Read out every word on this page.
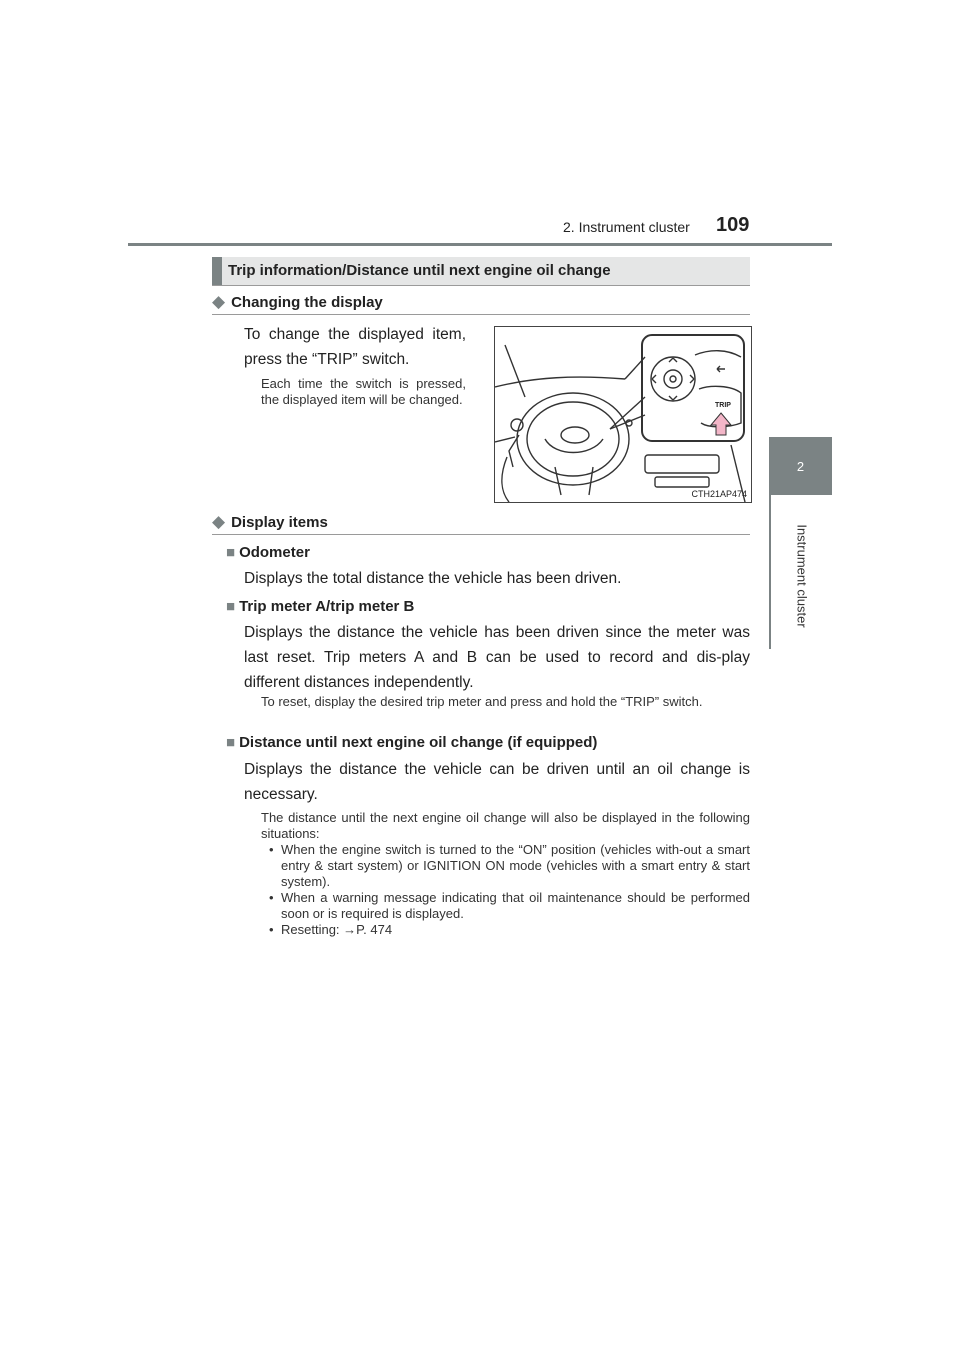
2. Instrument cluster 109
2
Instrument cluster
Trip information/Distance until next engine oil change
◆ Changing the display
To change the displayed item, press the “TRIP” switch.
Each time the switch is pressed, the displayed item will be changed.	TRIP
CTH21AP474
◆ Display items
■ Odometer
Displays the total distance the vehicle has been driven.
■ Trip meter A/trip meter B
Displays the distance the vehicle has been driven since the meter was last reset. Trip meters A and B can be used to record and dis-play different distances independently.
To reset, display the desired trip meter and press and hold the “TRIP” switch.
■ Distance until next engine oil change (if equipped)
Displays the distance the vehicle can be driven until an oil change is necessary.
The distance until the next engine oil change will also be displayed in the following situations:
• When the engine switch is turned to the “ON” position (vehicles with-out a smart entry & start system) or IGNITION ON mode (vehicles with a smart entry & start system).
• When a warning message indicating that oil maintenance should be performed soon or is required is displayed.
• Resetting: →P. 474
